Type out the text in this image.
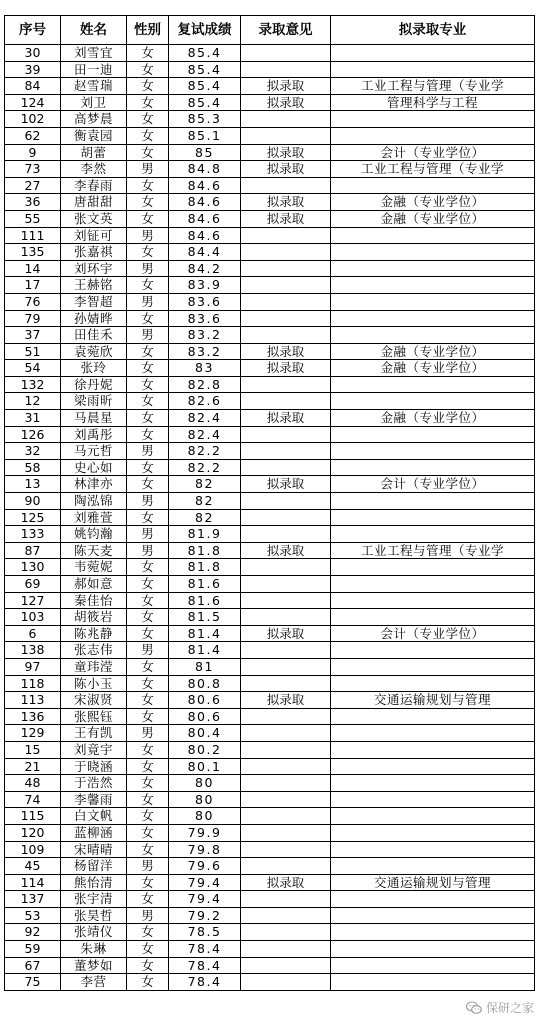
序号	姓名	性别	复试成绩	录取意见	拟录取专业
30	刘雪宜	女	85.4		
39	田一迪	女	85.4		
84	赵雪瑞	女	85.4	拟录取	工业工程与管理（专业学
124	刘卫	女	85.4	拟录取	管理科学与工程
102	高梦晨	女	85.3		
62	衡袁园	女	85.1		
9	胡蕾	女	85	拟录取	会计（专业学位）
73	李然	男	84.8	拟录取	工业工程与管理（专业学
27	李春雨	女	84.6		
36	唐甜甜	女	84.6	拟录取	金融（专业学位）
55	张文英	女	84.6	拟录取	金融（专业学位）
111	刘钲可	男	84.6		
135	张嘉祺	女	84.4		
14	刘环宇	男	84.2		
17	王赫铭	女	83.9		
76	李智超	男	83.6		
79	孙婧晔	女	83.6		
37	田佳禾	男	83.2		
51	袁菀欣	女	83.2	拟录取	金融（专业学位）
54	张玲	女	83	拟录取	金融（专业学位）
132	徐丹妮	女	82.8		
12	梁雨昕	女	82.6		
31	马晨星	女	82.4	拟录取	金融（专业学位）
126	刘禹彤	女	82.4		
32	马元哲	男	82.2		
58	史心如	女	82.2		
13	林津亦	女	82	拟录取	会计（专业学位）
90	陶泓锦	男	82		
125	刘雅萱	女	82		
133	姚钧瀚	男	81.9		
87	陈天麦	男	81.8	拟录取	工业工程与管理（专业学
130	韦菀妮	女	81.8		
69	郝如意	女	81.6		
127	秦佳怡	女	81.6		
103	胡筱岩	女	81.5		
6	陈兆静	女	81.4	拟录取	会计（专业学位）
138	张志伟	男	81.4		
97	童玮滢	女	81		
118	陈小玉	女	80.8		
113	宋淑贤	女	80.6	拟录取	交通运输规划与管理
136	张熙钰	女	80.6		
129	王有凯	男	80.4		
15	刘竟宇	女	80.2		
21	于晓涵	女	80.1		
48	于浩然	女	80		
74	李馨雨	女	80		
115	白文帆	女	80		
120	蓝柳涵	女	79.9		
109	宋晴晴	女	79.8		
45	杨留洋	男	79.6		
114	熊怡清	女	79.4	拟录取	交通运输规划与管理
137	张宇清	女	79.4		
53	张昊哲	男	79.2		
92	张靖仪	女	78.5		
59	朱琳	女	78.4		
67	董梦如	女	78.4		
75	李营	女	78.4		
保研之家
